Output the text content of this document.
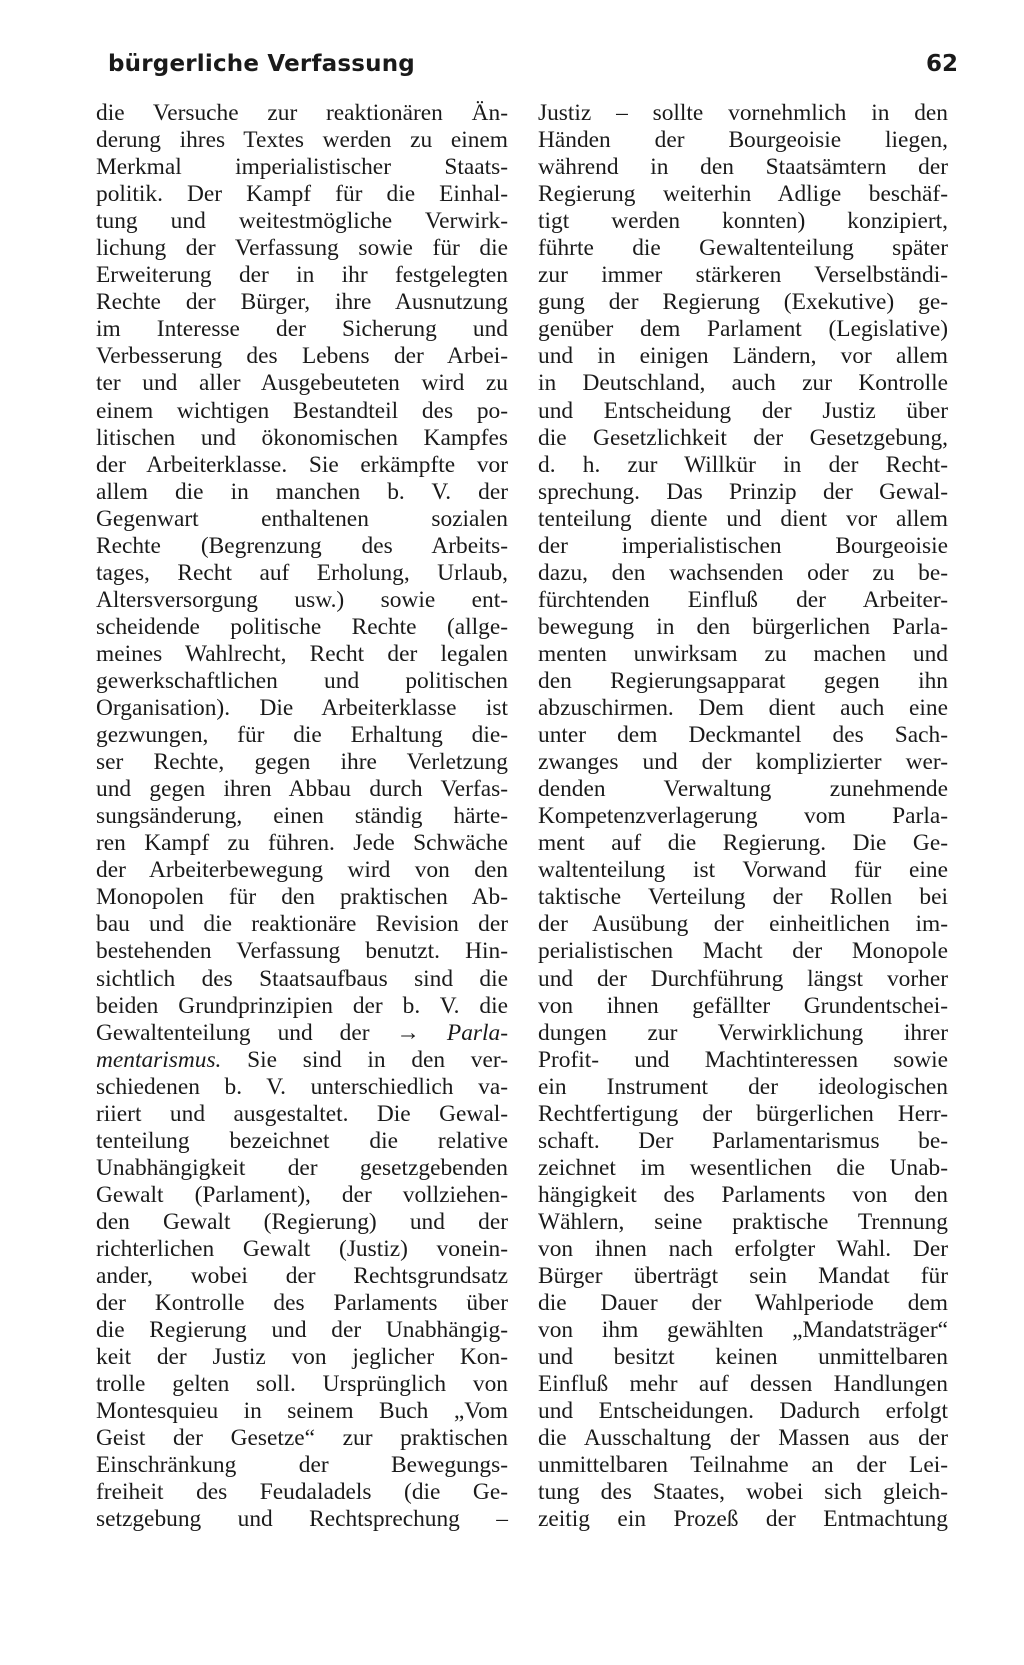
bürgerliche Verfassung	62
die Versuche zur reaktionären Än-
derung ihres Textes werden zu einem
Merkmal imperialistischer Staats-
politik. Der Kampf für die Einhal-
tung und weitestmögliche Verwirk-
lichung der Verfassung sowie für die
Erweiterung der in ihr festgelegten
Rechte der Bürger, ihre Ausnutzung
im Interesse der Sicherung und
Verbesserung des Lebens der Arbei-
ter und aller Ausgebeuteten wird zu
einem wichtigen Bestandteil des po-
litischen und ökonomischen Kampfes
der Arbeiterklasse. Sie erkämpfte vor
allem die in manchen b. V. der
Gegenwart enthaltenen sozialen
Rechte (Begrenzung des Arbeits-
tages, Recht auf Erholung, Urlaub,
Altersversorgung usw.) sowie ent-
scheidende politische Rechte (allge-
meines Wahlrecht, Recht der legalen
gewerkschaftlichen und politischen
Organisation). Die Arbeiterklasse ist
gezwungen, für die Erhaltung die-
ser Rechte, gegen ihre Verletzung
und gegen ihren Abbau durch Verfas-
sungsänderung, einen ständig härte-
ren Kampf zu führen. Jede Schwäche
der Arbeiterbewegung wird von den
Monopolen für den praktischen Ab-
bau und die reaktionäre Revision der
bestehenden Verfassung benutzt. Hin-
sichtlich des Staatsaufbaus sind die
beiden Grundprinzipien der b. V. die
Gewaltenteilung und der → Parla-
mentarismus. Sie sind in den ver-
schiedenen b. V. unterschiedlich va-
riiert und ausgestaltet. Die Gewal-
tenteilung bezeichnet die relative
Unabhängigkeit der gesetzgebenden
Gewalt (Parlament), der vollziehen-
den Gewalt (Regierung) und der
richterlichen Gewalt (Justiz) vonein-
ander, wobei der Rechtsgrundsatz
der Kontrolle des Parlaments über
die Regierung und der Unabhängig-
keit der Justiz von jeglicher Kon-
trolle gelten soll. Ursprünglich von
Montesquieu in seinem Buch „Vom
Geist der Gesetze“ zur praktischen
Einschränkung der Bewegungs-
freiheit des Feudaladels (die Ge-
setzgebung und Rechtsprechung –
Justiz – sollte vornehmlich in den
Händen der Bourgeoisie liegen,
während in den Staatsämtern der
Regierung weiterhin Adlige beschäf-
tigt werden konnten) konzipiert,
führte die Gewaltenteilung später
zur immer stärkeren Verselbständi-
gung der Regierung (Exekutive) ge-
genüber dem Parlament (Legislative)
und in einigen Ländern, vor allem
in Deutschland, auch zur Kontrolle
und Entscheidung der Justiz über
die Gesetzlichkeit der Gesetzgebung,
d. h. zur Willkür in der Recht-
sprechung. Das Prinzip der Gewal-
tenteilung diente und dient vor allem
der imperialistischen Bourgeoisie
dazu, den wachsenden oder zu be-
fürchtenden Einfluß der Arbeiter-
bewegung in den bürgerlichen Parla-
menten unwirksam zu machen und
den Regierungsapparat gegen ihn
abzuschirmen. Dem dient auch eine
unter dem Deckmantel des Sach-
zwanges und der komplizierter wer-
denden Verwaltung zunehmende
Kompetenzverlagerung vom Parla-
ment auf die Regierung. Die Ge-
waltenteilung ist Vorwand für eine
taktische Verteilung der Rollen bei
der Ausübung der einheitlichen im-
perialistischen Macht der Monopole
und der Durchführung längst vorher
von ihnen gefällter Grundentschei-
dungen zur Verwirklichung ihrer
Profit- und Machtinteressen sowie
ein Instrument der ideologischen
Rechtfertigung der bürgerlichen Herr-
schaft. Der Parlamentarismus be-
zeichnet im wesentlichen die Unab-
hängigkeit des Parlaments von den
Wählern, seine praktische Trennung
von ihnen nach erfolgter Wahl. Der
Bürger überträgt sein Mandat für
die Dauer der Wahlperiode dem
von ihm gewählten „Mandatsträger“
und besitzt keinen unmittelbaren
Einfluß mehr auf dessen Handlungen
und Entscheidungen. Dadurch erfolgt
die Ausschaltung der Massen aus der
unmittelbaren Teilnahme an der Lei-
tung des Staates, wobei sich gleich-
zeitig ein Prozeß der Entmachtung
